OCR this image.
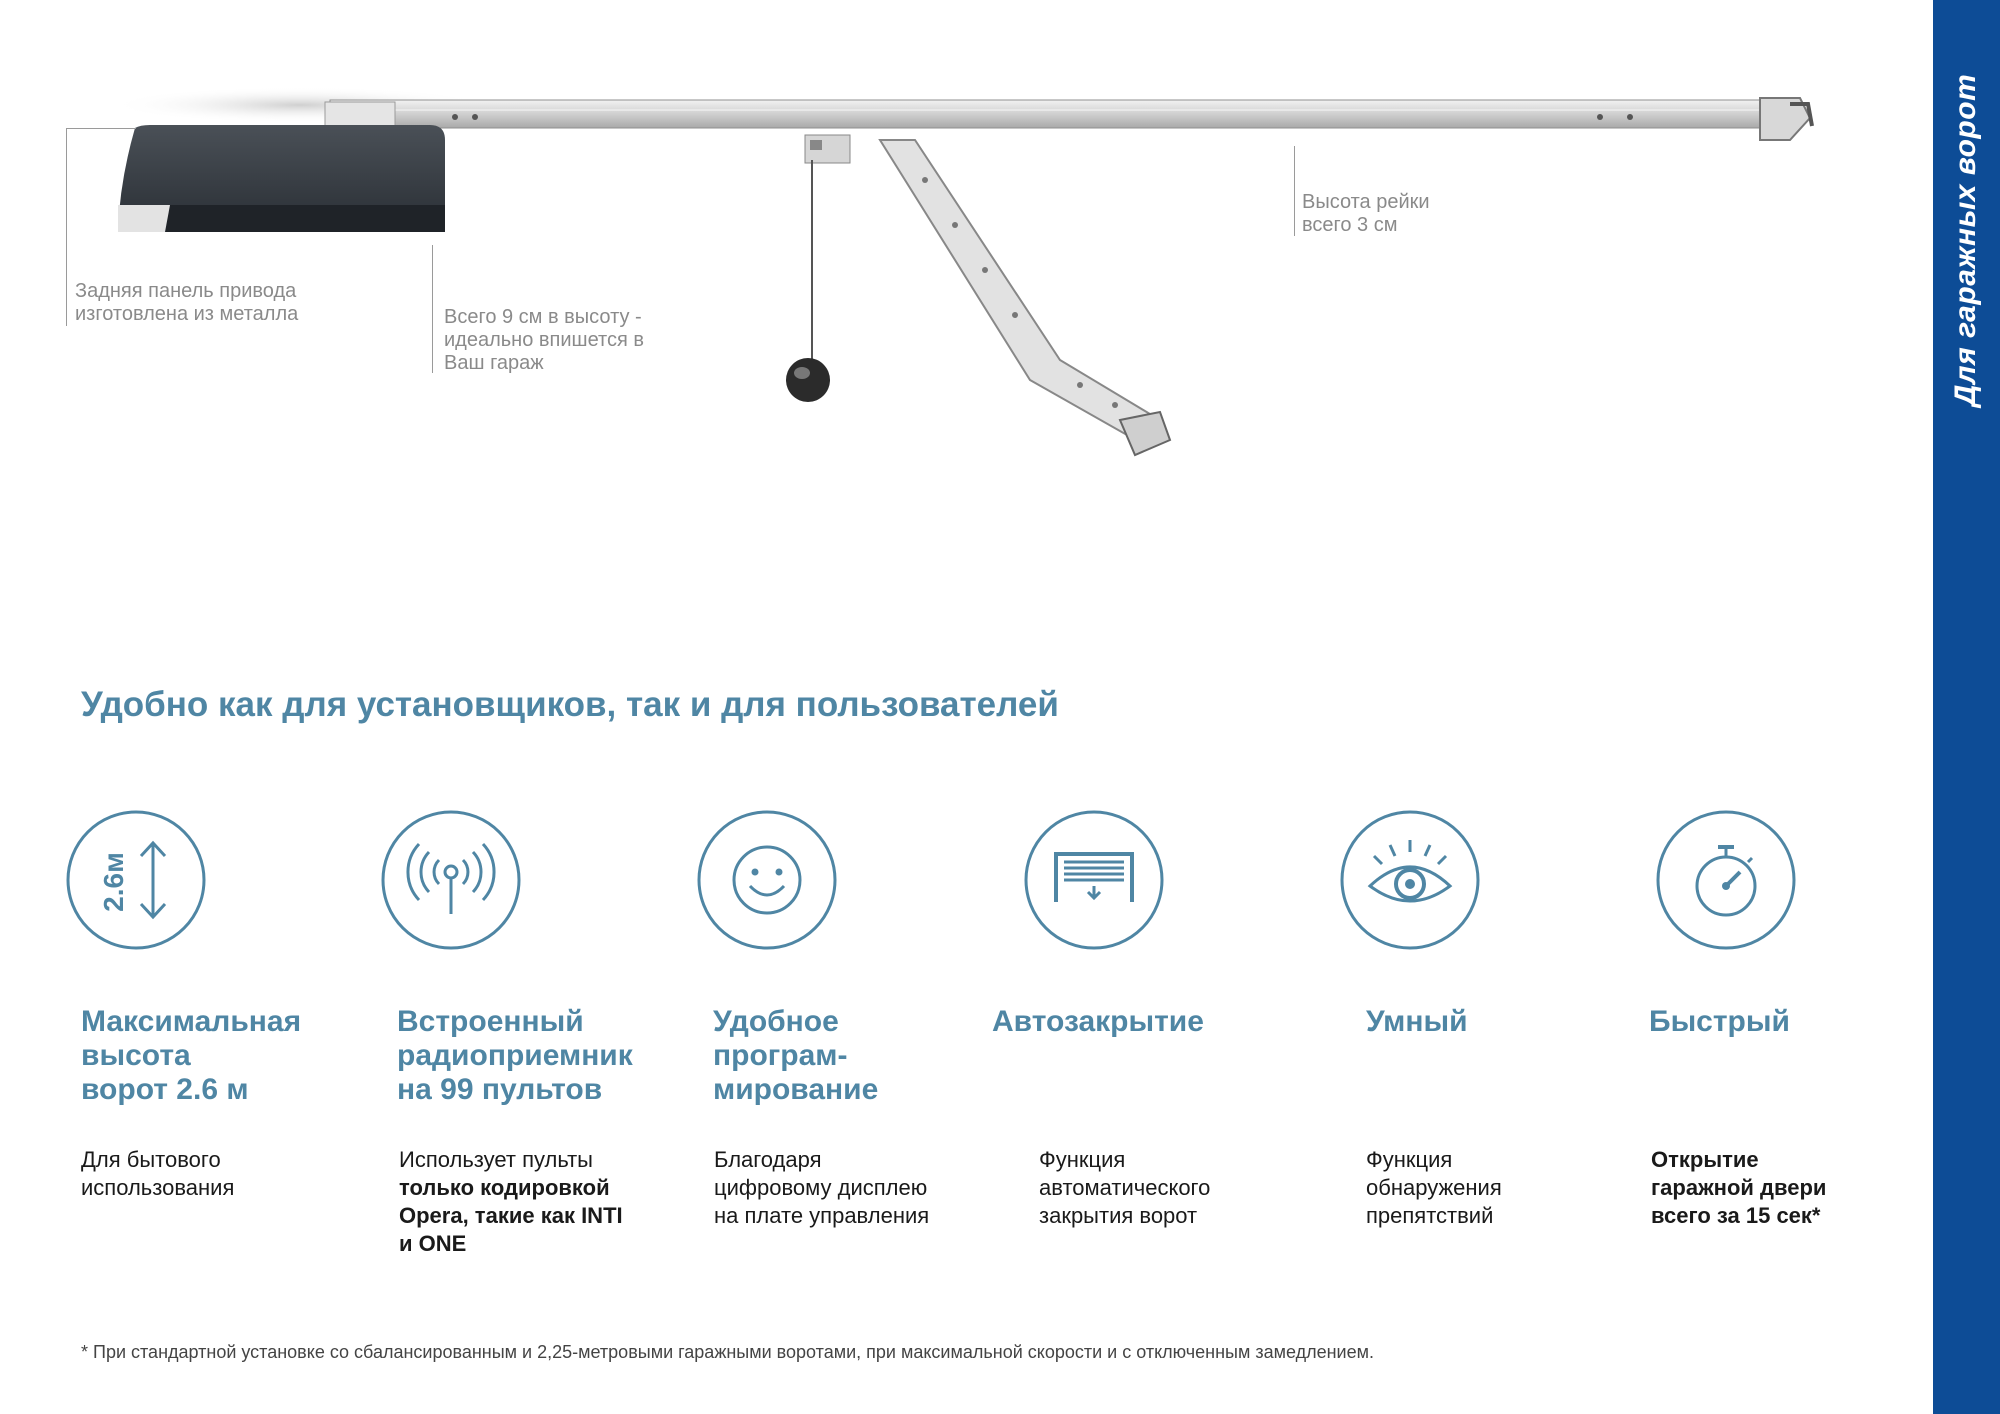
Для гаражных ворот
Задняя панель привода
изготовлена из металла	Всего 9 см в высоту -
идеально впишется в
Ваш гараж
Высота рейки
всего 3 см
Удобно как для установщиков, так и для пользователей
2.6м
Максимальная
высота
ворот 2.6 м
Встроенный
радиоприемник
на 99 пультов
Удобное
програм-
мирование
Автозакрытие	Умный	Быстрый
Для бытового
использования
Использует пульты
только кодировкой
Opera, такие как INTI
и ONE
Благодаря
цифровому дисплею
на плате управления
Функция
автоматического
закрытия ворот
Функция
обнаружения
препятствий
Открытие
гаражной двери
всего за 15 сек*
* При стандартной установке со сбалансированным и 2,25-метровыми гаражными воротами, при максимальной скорости и с отключенным замедлением.
